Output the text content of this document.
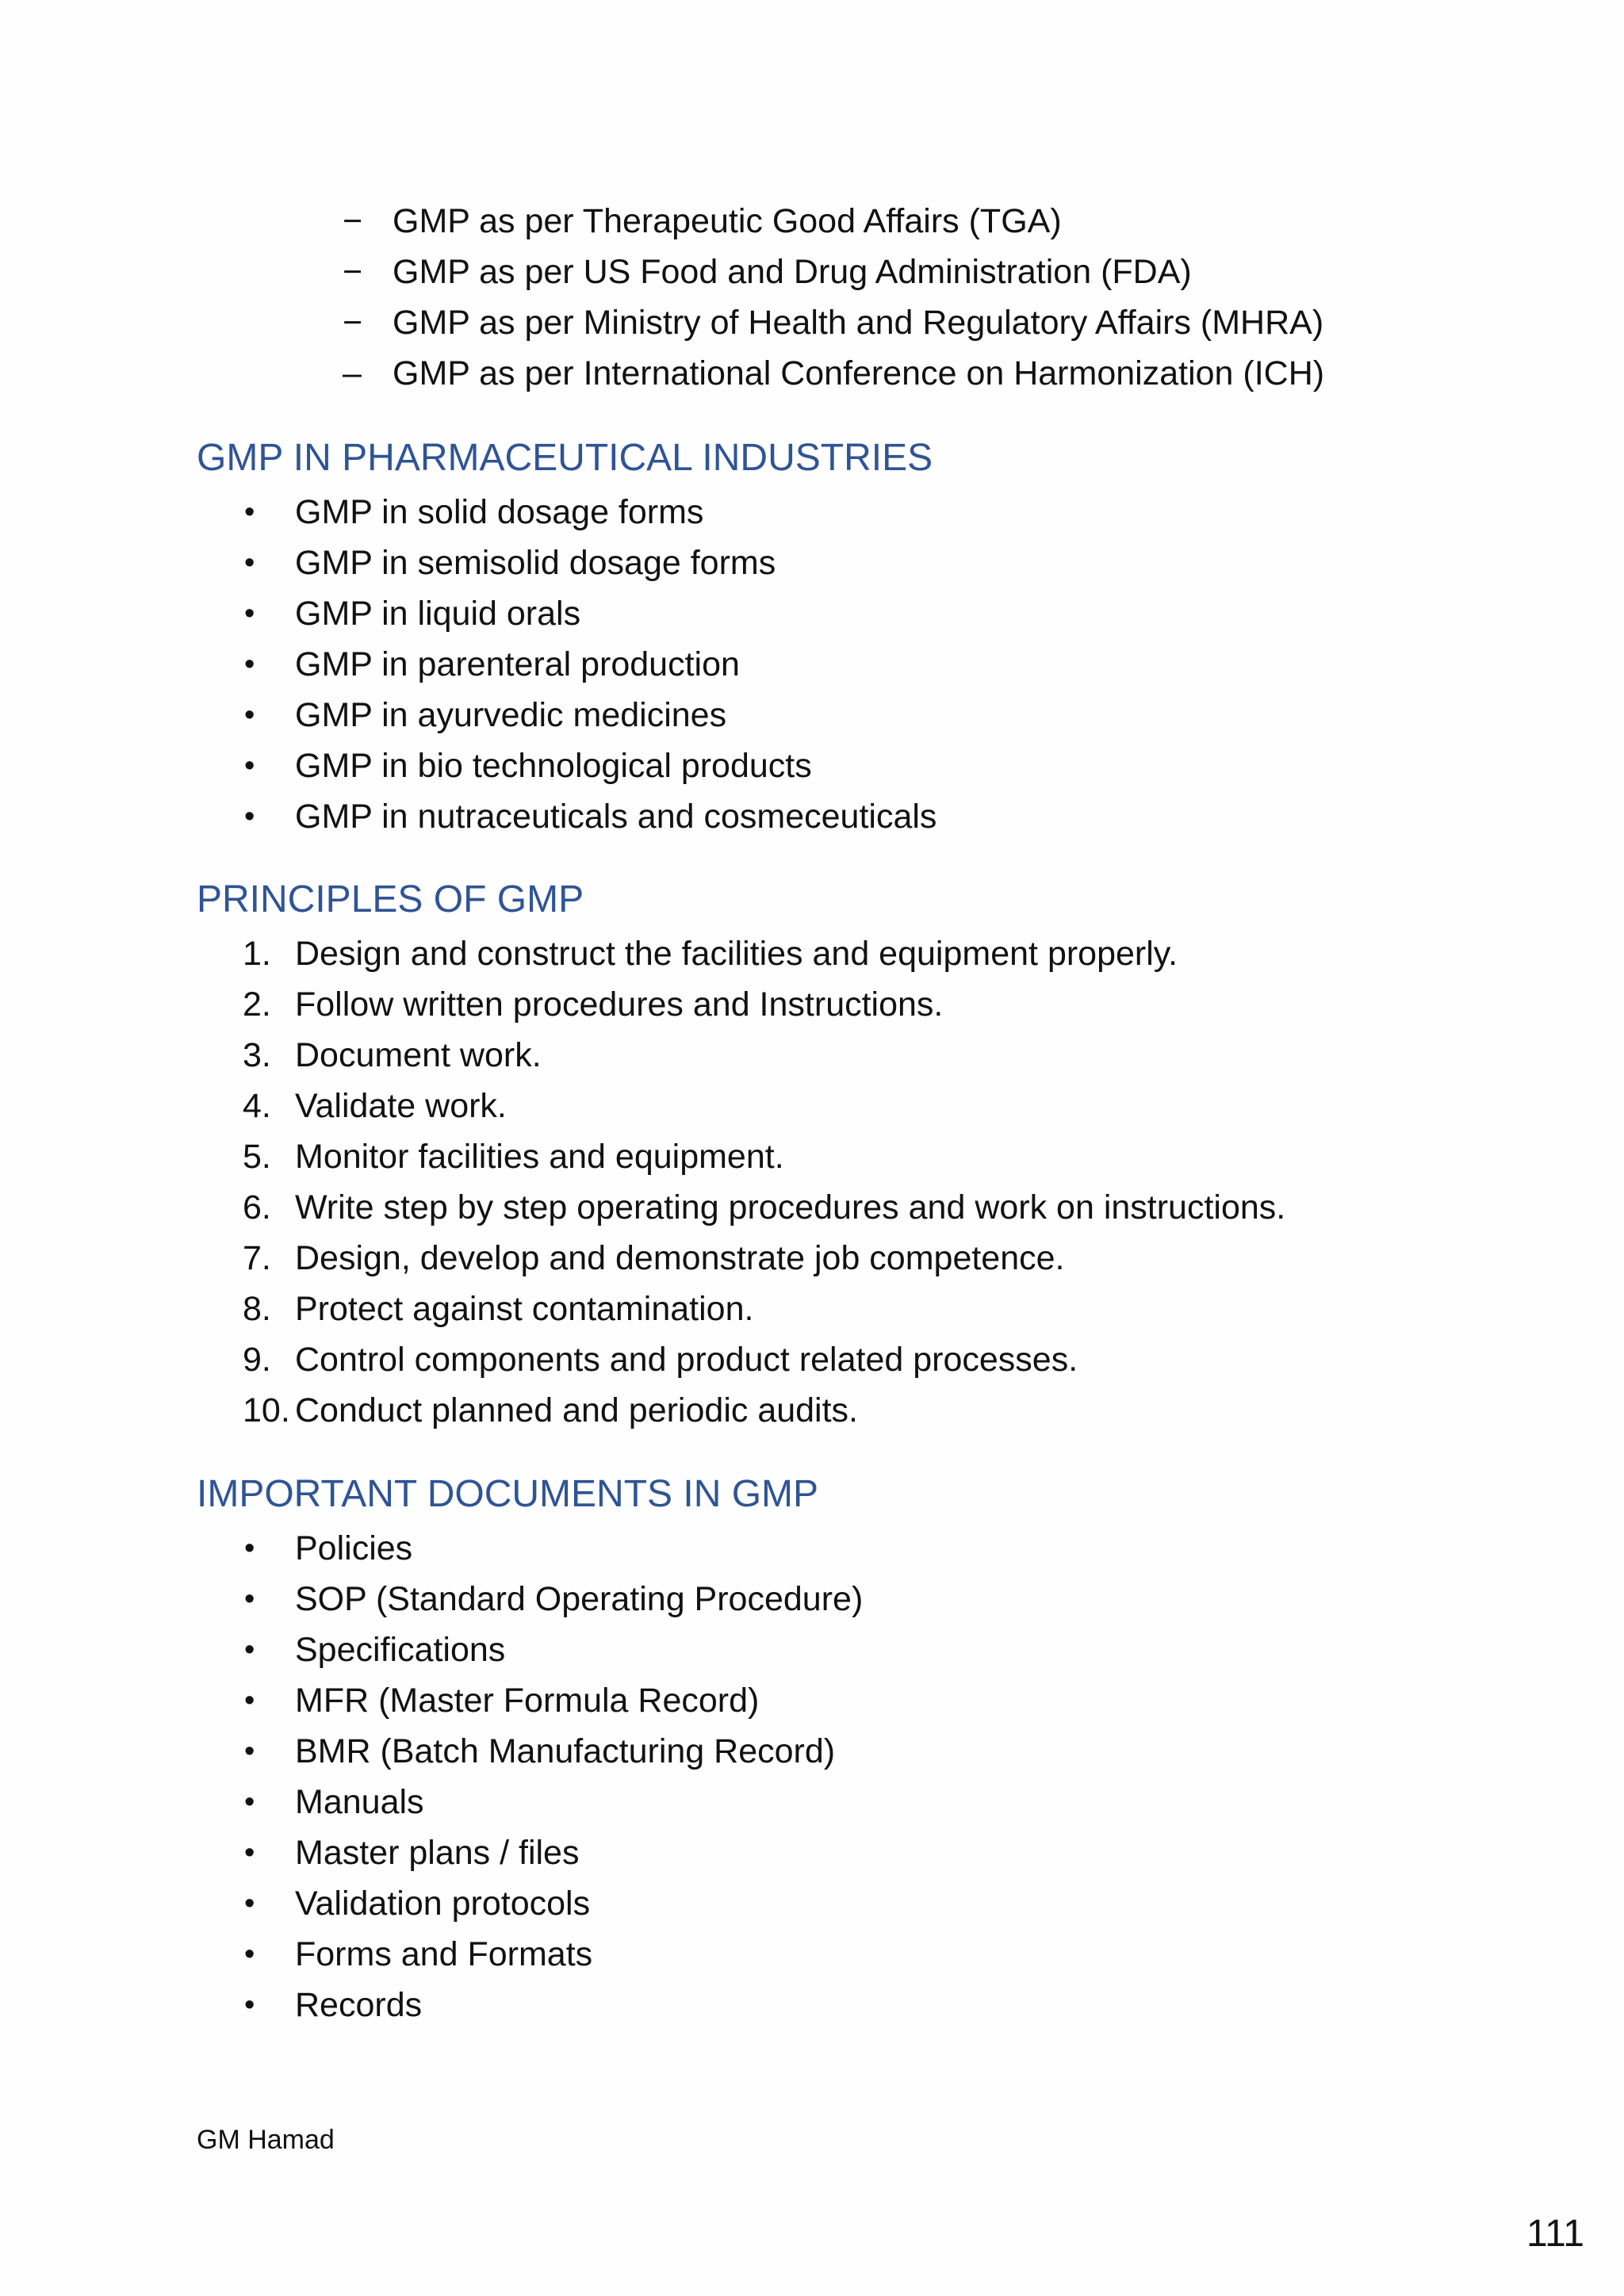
− GMP as per Therapeutic Good Affairs (TGA)
− GMP as per US Food and Drug Administration (FDA)
− GMP as per Ministry of Health and Regulatory Affairs (MHRA)
– GMP as per International Conference on Harmonization (ICH)
GMP IN PHARMACEUTICAL INDUSTRIES
•	GMP in solid dosage forms
•	GMP in semisolid dosage forms
•	GMP in liquid orals
•	GMP in parenteral production
•	GMP in ayurvedic medicines
•	GMP in bio technological products
•	GMP in nutraceuticals and cosmeceuticals
PRINCIPLES OF GMP
1. Design and construct the facilities and equipment properly.
2. Follow written procedures and Instructions.
3. Document work.
4. Validate work.
5. Monitor facilities and equipment.
6. Write step by step operating procedures and work on instructions.
7. Design, develop and demonstrate job competence.
8. Protect against contamination.
9. Control components and product related processes.
10. Conduct planned and periodic audits.
IMPORTANT DOCUMENTS IN GMP
•	Policies
•	SOP (Standard Operating Procedure)
•	Specifications
•	MFR (Master Formula Record)
•	BMR (Batch Manufacturing Record)
•	Manuals
•	Master plans / files
•	Validation protocols
•	Forms and Formats
•	Records
GM Hamad
111
